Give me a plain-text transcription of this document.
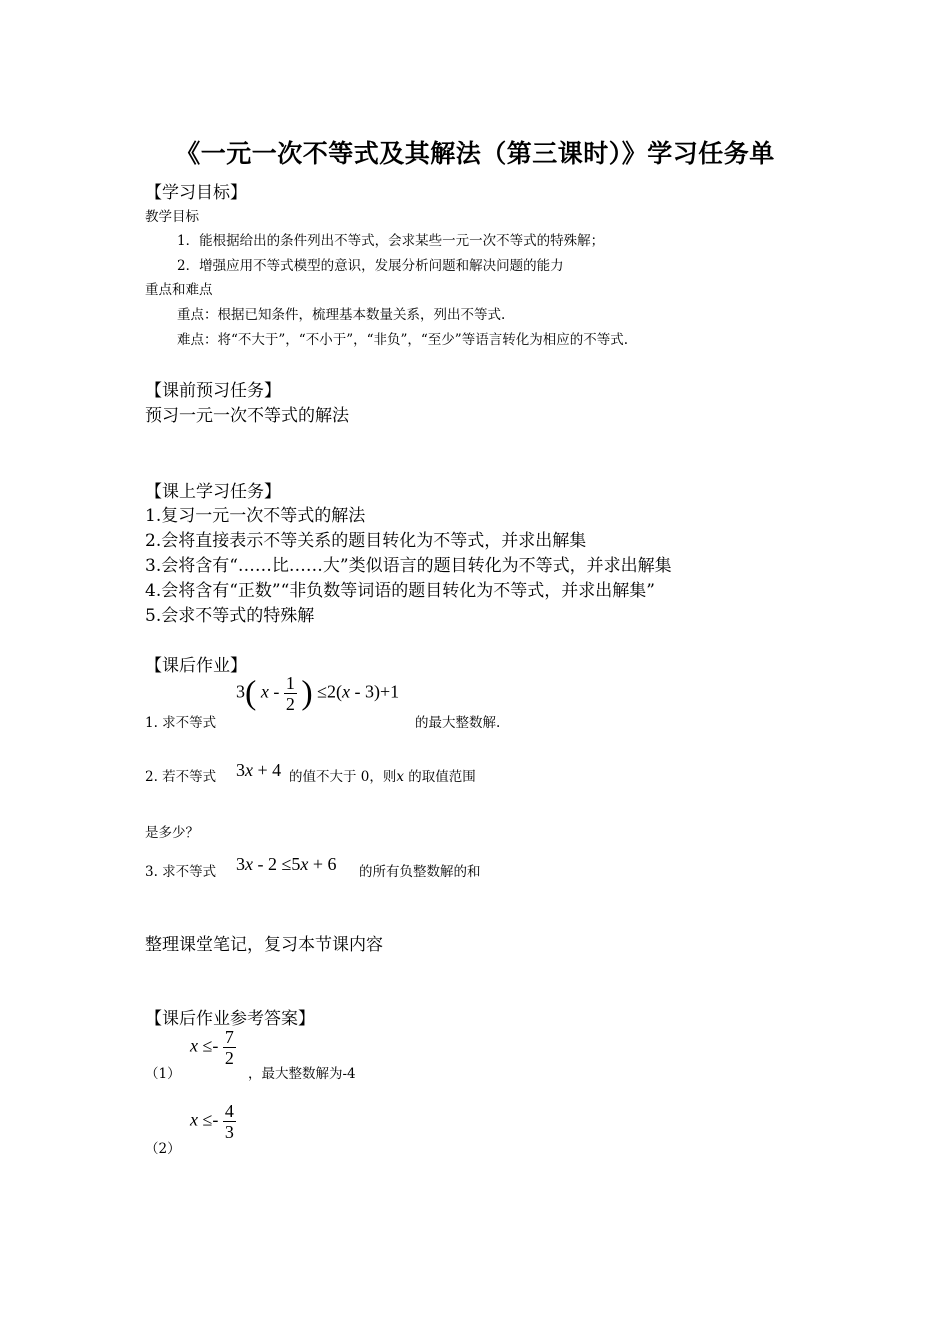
《一元一次不等式及其解法（第三课时）》学习任务单
【学习目标】
教学目标
1．能根据给出的条件列出不等式，会求某些一元一次不等式的特殊解；
2．增强应用不等式模型的意识，发展分析问题和解决问题的能力
重点和难点
重点：根据已知条件，梳理基本数量关系，列出不等式.
难点：将“不大于”，“不小于”，“非负”，“至少”等语言转化为相应的不等式.
【课前预习任务】
预习一元一次不等式的解法
【课上学习任务】
1.复习一元一次不等式的解法
2.会将直接表示不等关系的题目转化为不等式，并求出解集
3.会将含有“……比……大”类似语言的题目转化为不等式，并求出解集
4.会将含有“正数”“非负数等词语的题目转化为不等式，并求出解集”
5.会求不等式的特殊解
【课后作业】
1. 求不等式
3( x - $\frac{1}{2}$ ) ≤2(x - 3)+1
的最大整数解.
2. 若不等式 3x + 4 的值不大于 0，则x 的取值范围
是多少？
3. 求不等式 3x - 2 ≤5x + 6 的所有负整数解的和
整理课堂笔记，复习本节课内容
【课后作业参考答案】
（1）
$x \le- \frac{7}{2}$
，最大整数解为-4
（2）
$x \le- \frac{4}{3}$
